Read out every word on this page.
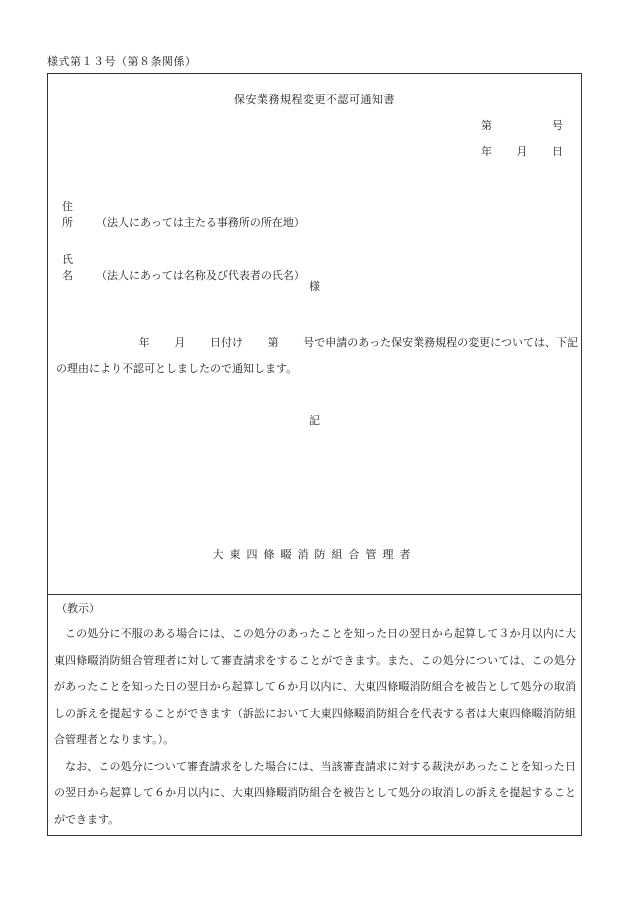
様式第１３号（第８条関係）
保安業務規程変更不認可通知書
第	号
年 月 日
住所 （法人にあっては主たる事務所の所在地）
氏名 （法人にあっては名称及び代表者の氏名）
様
年 月 日付け 第 号で申請のあった保安業務規程の変更については、下記
の理由により不認可としましたので通知します。
記
大東四條畷消防組合管理者
（教示）

この処分に不服のある場合には、この処分のあったことを知った日の翌日から起算して３か月以内に大東四條畷消防組合管理者に対して審査請求をすることができます。また、この処分については、この処分があったことを知った日の翌日から起算して６か月以内に、大東四條畷消防組合を被告として処分の取消しの訴えを提起することができます（訴訟において大東四條畷消防組合を代表する者は大東四條畷消防組合管理者となります。）。

なお、この処分について審査請求をした場合には、当該審査請求に対する裁決があったことを知った日の翌日から起算して６か月以内に、大東四條畷消防組合を被告として処分の取消しの訴えを提起することができます。
